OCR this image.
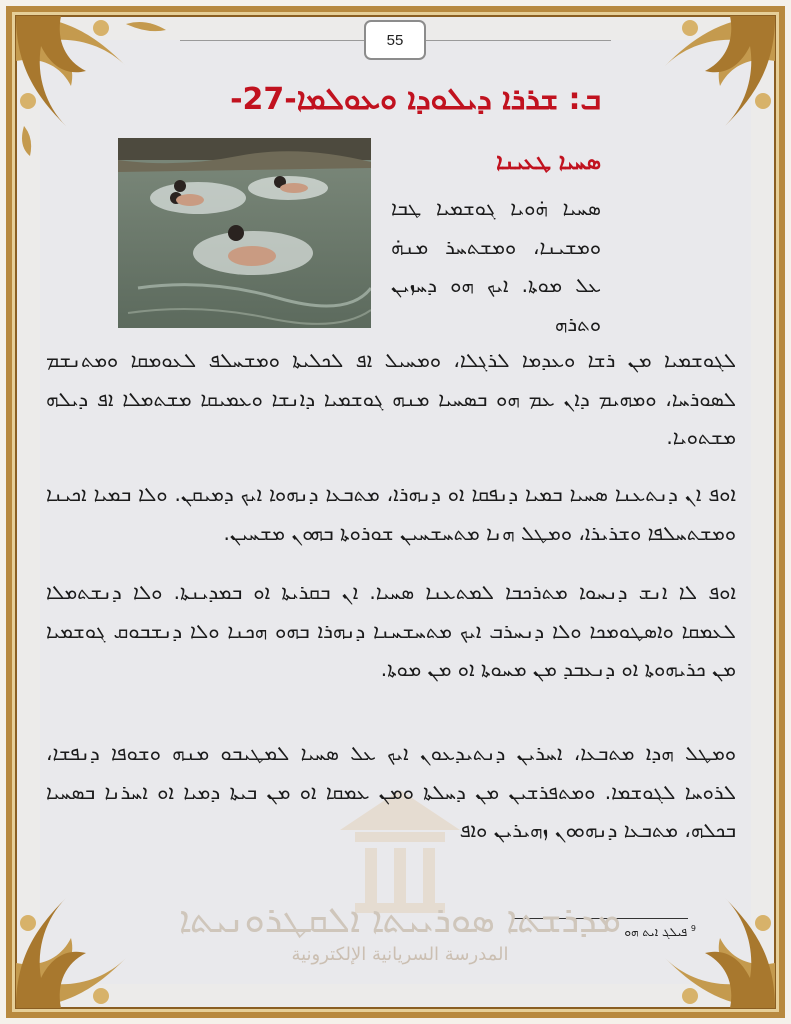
55
ܒ: ܫܪܪܐ ܕܝܠܘܕܐ ܘܥܘܠܡܐ-27-
ܣܚܝܐ ܛܥܝܢܐ
ܣܚܝܐ ܗ̇ܘܝܐ ܓܘܫܡܝܐ ܛܒܐ ܘܡܫܝܢܐ، ܘܡܫܬܚܪ ܡܢܗ̇ ܥܠ ܡܘܬܐ. ܐܝܟ ܗܘ ܕܚܙܝܢ ܘܬܪܗ
ܠܓܘܫܡܝܐ ܡܢ ܪܫܐ ܘܥܕܡܐ ܠܪܓܠܐ، ܘܡܚܝܠ ܐܦ ܠܟܠܝܬܐ ܘܡܫܚܠܦ ܠܥܘܡܩܐ ܘܡܬܢܫܡ ܠܣܘܪܚܐ، ܘܡܗܝܡ ܕܐܢ ܥܡ ܗܘ ܒܣܚܝܐ ܡܢܗ ܓܘܫܡܝܐ ܕܐܢܫܐ ܘܥܡܝܩܐ ܡܫܬܡܠܐ ܐܦ ܕܝܠܗ ܡܫܬܘܝܐ.
ܐܘܦ ܐܢ ܕܢܬܥܢܐ ܣܚܝܐ ܒܡܝܐ ܕܢܦܩܐ ܐܘ ܕܢܗܪܐ، ܡܬܒܥܐ ܕܢܗܘܐ ܐܝܟ ܕܡܝܩܢ. ܘܠܐ ܒܡܝܐ ܐܟܝܢܐ ܘܡܫܬܚܠܦܐ ܘܫܪܝܪܐ، ܘܡܛܠ ܗܢܐ ܡܬܚܫܚܝܢ ܫܘܪܘܬܐ ܒܗܘܢ ܡܫܚܝܢ.
ܐܘܦ ܠܐ ܐܢܫ ܕܢܚܘܐ ܡܬܪܟܒܐ ܠܡܬܥܢܐ ܣܚܝܐ. ܐܢ ܒܩܪܝܬܐ ܐܘ ܒܡܕܝܢܬܐ. ܘܠܐ ܕܢܫܬܡܠܐ ܠܥܡܩܐ ܘܐܣܛܘܡܟܐ ܘܠܐ ܕܢܚܪܒ ܐܝܟ ܡܬܚܫܚܢܐ ܕܢܗܪܐ ܒܗܘ ܗܟܢܐ ܘܠܐ ܕܢܫܒܘܩ ܓܘܫܡܝܐ ܡܢ ܟܪܝܗܘܬܐ ܐܘ ܕܢܥܒܕ ܡܢ ܡܚܘܬܐ ܐܘ ܡܢ ܡܘܬܐ.
ܘܡܛܠ ܗܕܐ ܡܬܒܥܐ، ܐܚܪܝܢ ܕܢܬܝܕܥܘܢ ܐܝܟ ܥܠ ܣܚܝܐ ܠܡܛܝܒܘ ܡܢܗ ܘܫܘܦܐ ܕܢܦܫܐ، ܠܪܘܚܐ ܠܓܘܫܡܐ. ܘܡܬܦܪܫܝܢ ܡܢ ܕܚܠܬܐ ܘܡܢ ܥܡܩܐ ܐܘ ܡܢ ܒܝܬܐ ܕܡܝܐ ܐܘ ܐܚܪܢܐ ܒܣܚܝܐ ܒܟܠܗ، ܡܬܒܥܐ ܕܢܗܘܘܢ ܙܗܝܪܝܢ ܘܐܦ
$^9$ ܦܝܠܓ ܐܝܬ ܗܘ
ܡܕܪܫܬܐ ܣܘܪܝܝܬܐ ܐܠܩܛܪܘܢܝܬܐ
المدرسة السريانية الإلكترونية
